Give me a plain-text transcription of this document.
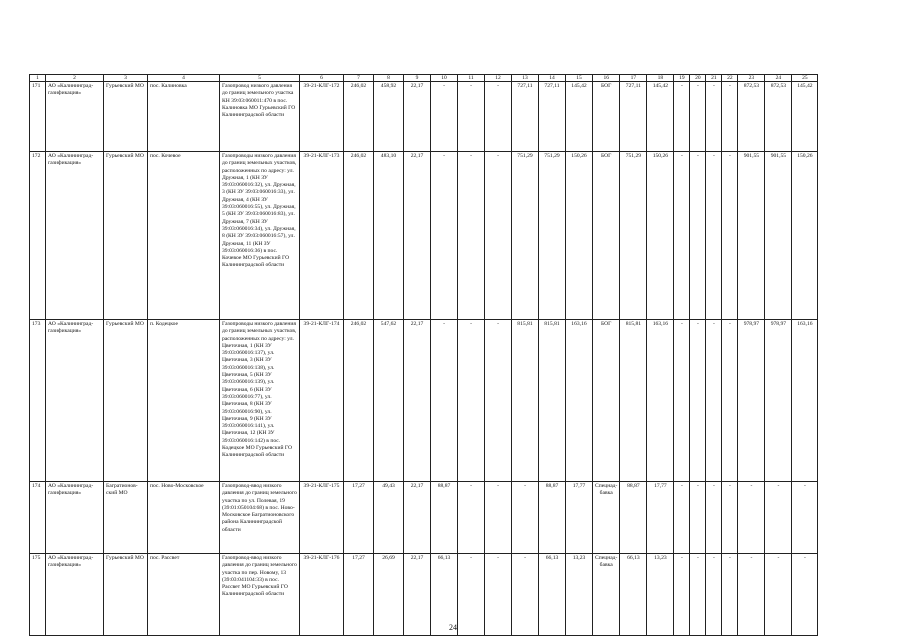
1	2	3	4	5	6	7	8	9	10	11	12	13	14	15	16	17	18	19	20	21	22	23	24	25
171	АО «Калининград-
газификация»	Гурьевский МО	пос. Калиновка	Газопровод низкого давления до границ земельного участка КН 39:03:060011:470 в пос. Калиновка МО Гурьевский ГО Калининградской области	39-21-КЛГ-172	246,02	458,92	22,17	-	-	-	727,11	727,11	145,42	БОГ	727,11	145,42	-	-	-	-	872,53	872,53	145,42
172	АО «Калининград-
газификация»	Гурьевский МО	пос. Кочевое	Газопроводы низкого давления до границ земельных участков, расположенных по адресу: ул. Дружная, 1 (КН ЗУ 39:03:060016:32), ул. Дружная, 3 (КН ЗУ 39:03:060016:33), ул. Дружная, 4 (КН ЗУ 39:03:060016:55), ул. Дружная, 5 (КН ЗУ 39:03:060016:83), ул. Дружная, 7 (КН ЗУ 39:03:060016:34), ул. Дружная, 8 (КН ЗУ 39:03:060016:57), ул. Дружная, 11 (КН ЗУ 39:03:060016:36) в пос. Кочевое МО Гурьевский ГО Калининградской области	39-21-КЛГ-173	246,02	483,10	22,17	-	-	-	751,29	751,29	150,26	БОГ	751,29	150,26	-	-	-	-	901,55	901,55	150,26
173	АО «Калининград-
газификация»	Гурьевский МО	п. Кодецкое	Газопроводы низкого давления до границ земельных участков, расположенных по адресу: ул. Цветочная, 1 (КН ЗУ 39:03:060016:137), ул. Цветочная, 3 (КН ЗУ 39:03:060016:138), ул. Цветочная, 5 (КН ЗУ 39:03:060016:139), ул. Цветочная, 6 (КН ЗУ 39:03:060016:77), ул. Цветочная, 8 (КН ЗУ 39:03:060016:90), ул. Цветочная, 9 (КН ЗУ 39:03:060016:141), ул. Цветочная, 12 (КН ЗУ 39:03:060016:142) в пос. Кодецкое МО Гурьевский ГО Калининградской области	39-21-КЛГ-174	246,02	547,62	22,17	-	-	-	815,81	815,81	163,16	БОГ	815,81	163,16	-	-	-	-	978,97	978,97	163,16
174	АО «Калининград-
газификация»	Багратионов-
ский МО	пос. Ново-Московское	Газопровод-ввод низкого давления до границ земельного участка по ул. Полевая, 19 (39:01:050104:68) в пос. Ново-Московское Багратионовского района Калининградской области	39-21-КЛГ-175	17,27	49,43	22,17	88,87	-	-	-	88,87	17,77	Спецнад-
бавка	88,87	17,77	-	-	-	-	-	-	-
175	АО «Калининград-
газификация»	Гурьевский МО	пос. Рассвет	Газопровод-ввод низкого давления до границ земельного участка по пер. Новому, 13 (39:03:041104:33) в пос. Рассвет МО Гурьевский ГО Калининградской области	39-21-КЛГ-176	17,27	26,69	22,17	66,13	-	-	-	66,13	13,23	Спецнад-
бавка	66,13	13,23	-	-	-	-	-	-	-
24
